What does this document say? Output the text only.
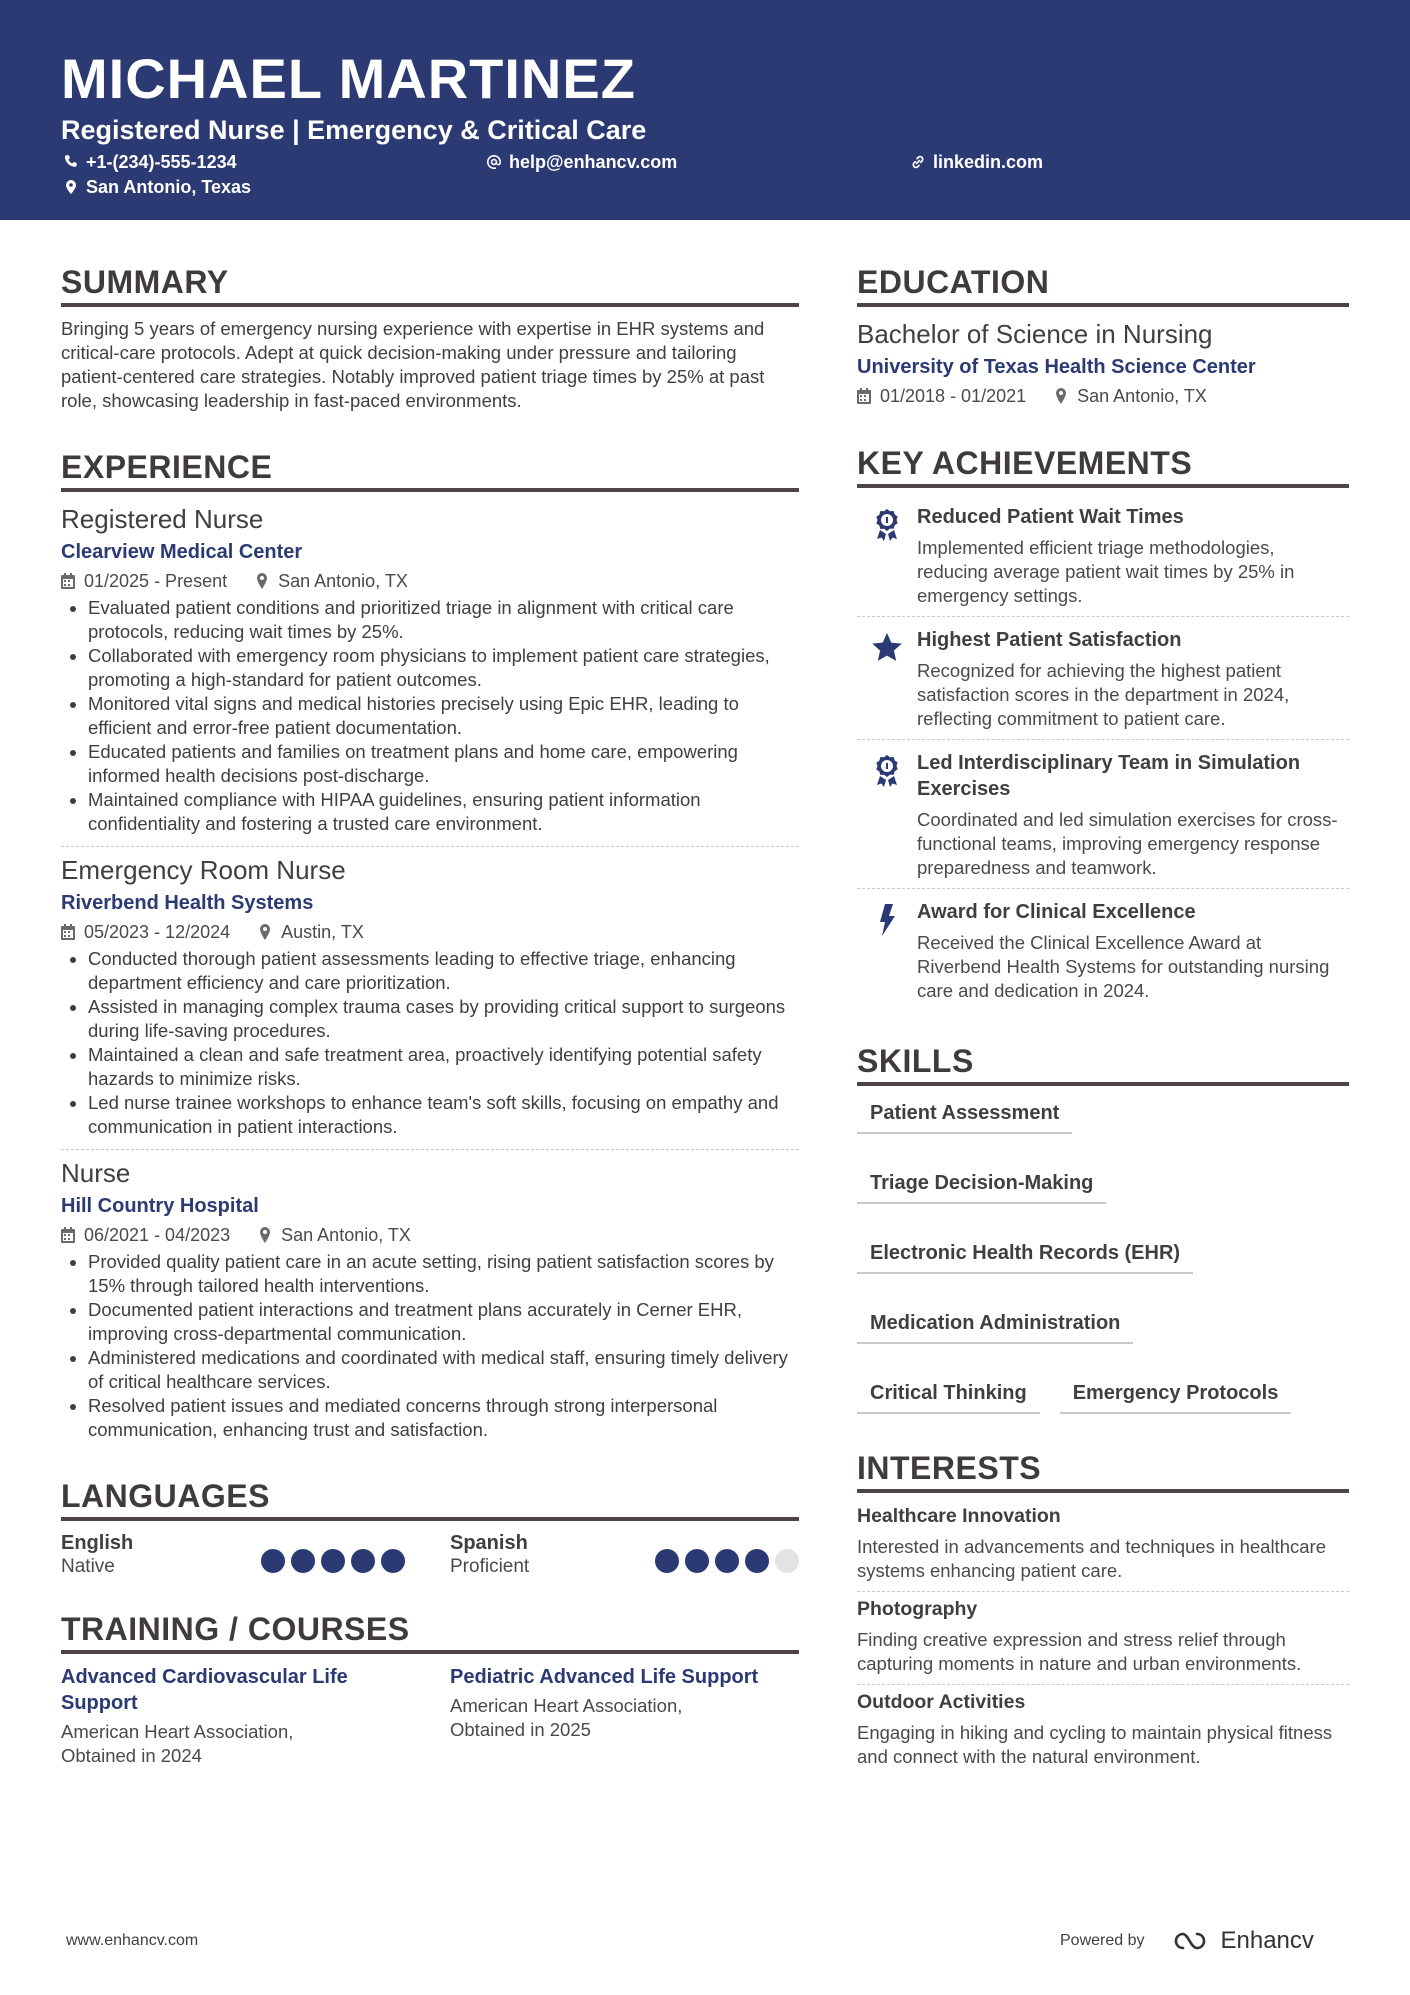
MICHAEL MARTINEZ
Registered Nurse | Emergency & Critical Care
+1-(234)-555-1234	help@enhancv.com	linkedin.com
San Antonio, Texas
SUMMARY

Bringing 5 years of emergency nursing experience with expertise in EHR systems and critical-care protocols. Adept at quick decision-making under pressure and tailoring patient-centered care strategies. Notably improved patient triage times by 25% at past role, showcasing leadership in fast-paced environments.

EXPERIENCE
Registered Nurse
Clearview Medical Center
01/2025 - Present	San Antonio, TX
• Evaluated patient conditions and prioritized triage in alignment with critical care protocols, reducing wait times by 25%.
• Collaborated with emergency room physicians to implement patient care strategies, promoting a high-standard for patient outcomes.
• Monitored vital signs and medical histories precisely using Epic EHR, leading to efficient and error-free patient documentation.
• Educated patients and families on treatment plans and home care, empowering informed health decisions post-discharge.
• Maintained compliance with HIPAA guidelines, ensuring patient information confidentiality and fostering a trusted care environment.
Emergency Room Nurse
Riverbend Health Systems
05/2023 - 12/2024	Austin, TX
• Conducted thorough patient assessments leading to effective triage, enhancing department efficiency and care prioritization.
• Assisted in managing complex trauma cases by providing critical support to surgeons during life-saving procedures.
• Maintained a clean and safe treatment area, proactively identifying potential safety hazards to minimize risks.
• Led nurse trainee workshops to enhance team's soft skills, focusing on empathy and communication in patient interactions.
Nurse
Hill Country Hospital
06/2021 - 04/2023	San Antonio, TX
• Provided quality patient care in an acute setting, rising patient satisfaction scores by 15% through tailored health interventions.
• Documented patient interactions and treatment plans accurately in Cerner EHR, improving cross-departmental communication.
• Administered medications and coordinated with medical staff, ensuring timely delivery of critical healthcare services.
• Resolved patient issues and mediated concerns through strong interpersonal communication, enhancing trust and satisfaction.
LANGUAGES
English
Native
Spanish
Proficient
TRAINING / COURSES
Advanced Cardiovascular Life Support
American Heart Association, Obtained in 2024
Pediatric Advanced Life Support
American Heart Association, Obtained in 2025
EDUCATION
Bachelor of Science in Nursing
University of Texas Health Science Center
01/2018 - 01/2021	San Antonio, TX
KEY ACHIEVEMENTS
Reduced Patient Wait Times
Implemented efficient triage methodologies, reducing average patient wait times by 25% in emergency settings.
Highest Patient Satisfaction
Recognized for achieving the highest patient satisfaction scores in the department in 2024, reflecting commitment to patient care.
Led Interdisciplinary Team in Simulation Exercises
Coordinated and led simulation exercises for cross-functional teams, improving emergency response preparedness and teamwork.
Award for Clinical Excellence
Received the Clinical Excellence Award at Riverbend Health Systems for outstanding nursing care and dedication in 2024.
SKILLS
Patient Assessment
Triage Decision-Making
Electronic Health Records (EHR)
Medication Administration
Critical Thinking	Emergency Protocols
INTERESTS
Healthcare Innovation
Interested in advancements and techniques in healthcare systems enhancing patient care.
Photography
Finding creative expression and stress relief through capturing moments in nature and urban environments.
Outdoor Activities
Engaging in hiking and cycling to maintain physical fitness and connect with the natural environment.
www.enhancv.com	Powered by	Enhancv
